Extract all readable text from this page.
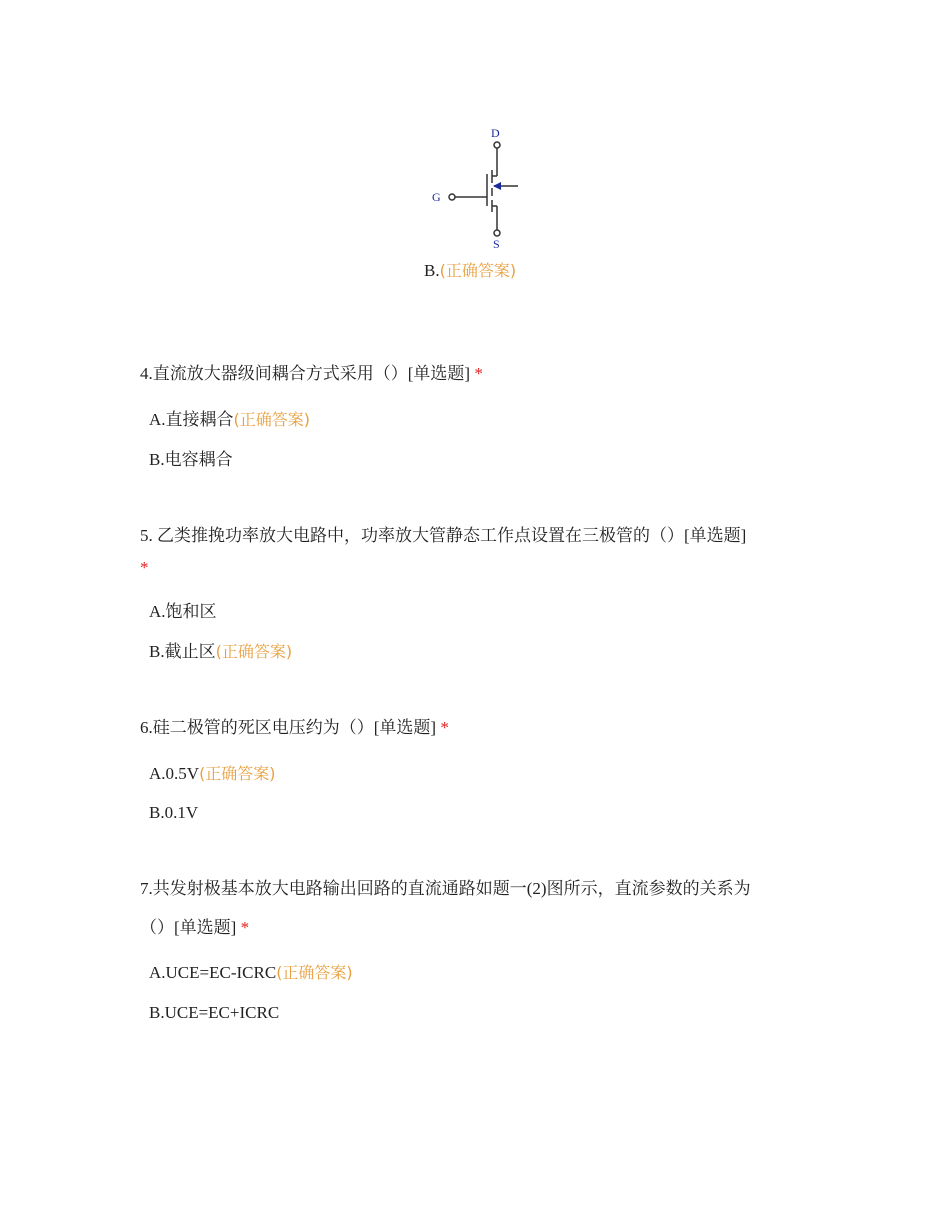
D
G
S
B.(正确答案)
4.直流放大器级间耦合方式采用（）[单选题] *
A.直接耦合(正确答案)
B.电容耦合
5. 乙类推挽功率放大电路中，功率放大管静态工作点设置在三极管的（）[单选题]
*
A.饱和区
B.截止区(正确答案)
6.硅二极管的死区电压约为（）[单选题] *
A.0.5V(正确答案)
B.0.1V
7.共发射极基本放大电路输出回路的直流通路如题一(2)图所示，直流参数的关系为
（）[单选题] *
A.UCE=EC-ICRC(正确答案)
B.UCE=EC+ICRC
